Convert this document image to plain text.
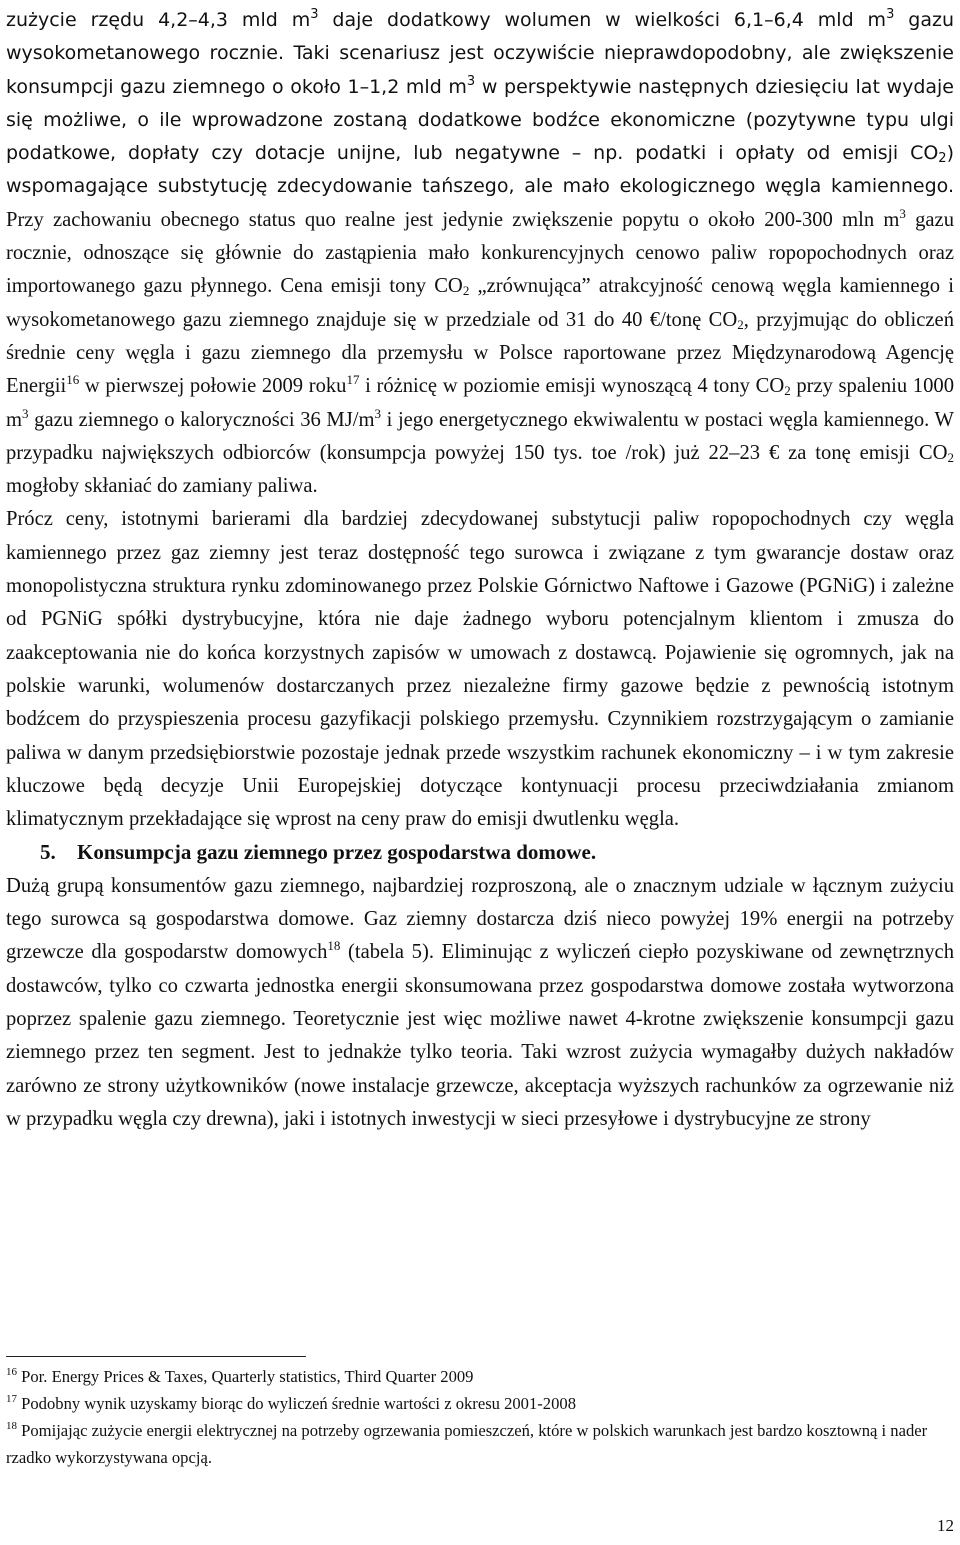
zużycie rzędu 4,2–4,3 mld $m^3$ daje dodatkowy wolumen w wielkości 6,1–6,4 mld $m^3$ gazu wysokometanowego rocznie. Taki scenariusz jest oczywiście nieprawdopodobny, ale zwiększenie konsumpcji gazu ziemnego o około 1–1,2 mld $m^3$ w perspektywie następnych dziesięciu lat wydaje się możliwe, o ile wprowadzone zostaną dodatkowe bodźce ekonomiczne (pozytywne typu ulgi podatkowe, dopłaty czy dotacje unijne, lub negatywne – np. podatki i opłaty od emisji $CO_2$) wspomagające substytucję zdecydowanie tańszego, ale mało ekologicznego węgla kamiennego. Przy zachowaniu obecnego status quo realne jest jedynie zwiększenie popytu o około 200-300 mln $m^3$ gazu rocznie, odnoszące się głównie do zastąpienia mało konkurencyjnych cenowo paliw ropopochodnych oraz importowanego gazu płynnego. Cena emisji tony $CO_2$ „zrównująca” atrakcyjność cenową węgla kamiennego i wysokometanowego gazu ziemnego znajduje się w przedziale od 31 do 40 €/tonę $CO_2$, przyjmując do obliczeń średnie ceny węgla i gazu ziemnego dla przemysłu w Polsce raportowane przez Międzynarodową Agencję Energii$^{16}$ w pierwszej połowie 2009 roku$^{17}$ i różnicę w poziomie emisji wynoszącą 4 tony $CO_2$ przy spaleniu 1000 $m^3$ gazu ziemnego o kaloryczności 36 $MJ/m^3$ i jego energetycznego ekwiwalentu w postaci węgla kamiennego. W przypadku największych odbiorców (konsumpcja powyżej 150 tys. toe /rok) już 22–23 € za tonę emisji $CO_2$ mogłoby skłaniać do zamiany paliwa.

Prócz ceny, istotnymi barierami dla bardziej zdecydowanej substytucji paliw ropopochodnych czy węgla kamiennego przez gaz ziemny jest teraz dostępność tego surowca i związane z tym gwarancje dostaw oraz monopolistyczna struktura rynku zdominowanego przez Polskie Górnictwo Naftowe i Gazowe (PGNiG) i zależne od PGNiG spółki dystrybucyjne, która nie daje żadnego wyboru potencjalnym klientom i zmusza do zaakceptowania nie do końca korzystnych zapisów w umowach z dostawcą. Pojawienie się ogromnych, jak na polskie warunki, wolumenów dostarczanych przez niezależne firmy gazowe będzie z pewnością istotnym bodźcem do przyspieszenia procesu gazyfikacji polskiego przemysłu. Czynnikiem rozstrzygającym o zamianie paliwa w danym przedsiębiorstwie pozostaje jednak przede wszystkim rachunek ekonomiczny – i w tym zakresie kluczowe będą decyzje Unii Europejskiej dotyczące kontynuacji procesu przeciwdziałania zmianom klimatycznym przekładające się wprost na ceny praw do emisji dwutlenku węgla.

5. Konsumpcja gazu ziemnego przez gospodarstwa domowe.

Dużą grupą konsumentów gazu ziemnego, najbardziej rozproszoną, ale o znacznym udziale w łącznym zużyciu tego surowca są gospodarstwa domowe. Gaz ziemny dostarcza dziś nieco powyżej 19% energii na potrzeby grzewcze dla gospodarstw domowych$^{18}$ (tabela 5). Eliminując z wyliczeń ciepło pozyskiwane od zewnętrznych dostawców, tylko co czwarta jednostka energii skonsumowana przez gospodarstwa domowe została wytworzona poprzez spalenie gazu ziemnego. Teoretycznie jest więc możliwe nawet 4-krotne zwiększenie konsumpcji gazu ziemnego przez ten segment. Jest to jednakże tylko teoria. Taki wzrost zużycia wymagałby dużych nakładów zarówno ze strony użytkowników (nowe instalacje grzewcze, akceptacja wyższych rachunków za ogrzewanie niż w przypadku węgla czy drewna), jaki i istotnych inwestycji w sieci przesyłowe i dystrybucyjne ze strony

$^{16}$ Por. Energy Prices & Taxes, Quarterly statistics, Third Quarter 2009

$^{17}$ Podobny wynik uzyskamy biorąc do wyliczeń średnie wartości z okresu 2001-2008

$^{18}$ Pomijając zużycie energii elektrycznej na potrzeby ogrzewania pomieszczeń, które w polskich warunkach jest bardzo kosztowną i nader rzadko wykorzystywana opcją.

12
